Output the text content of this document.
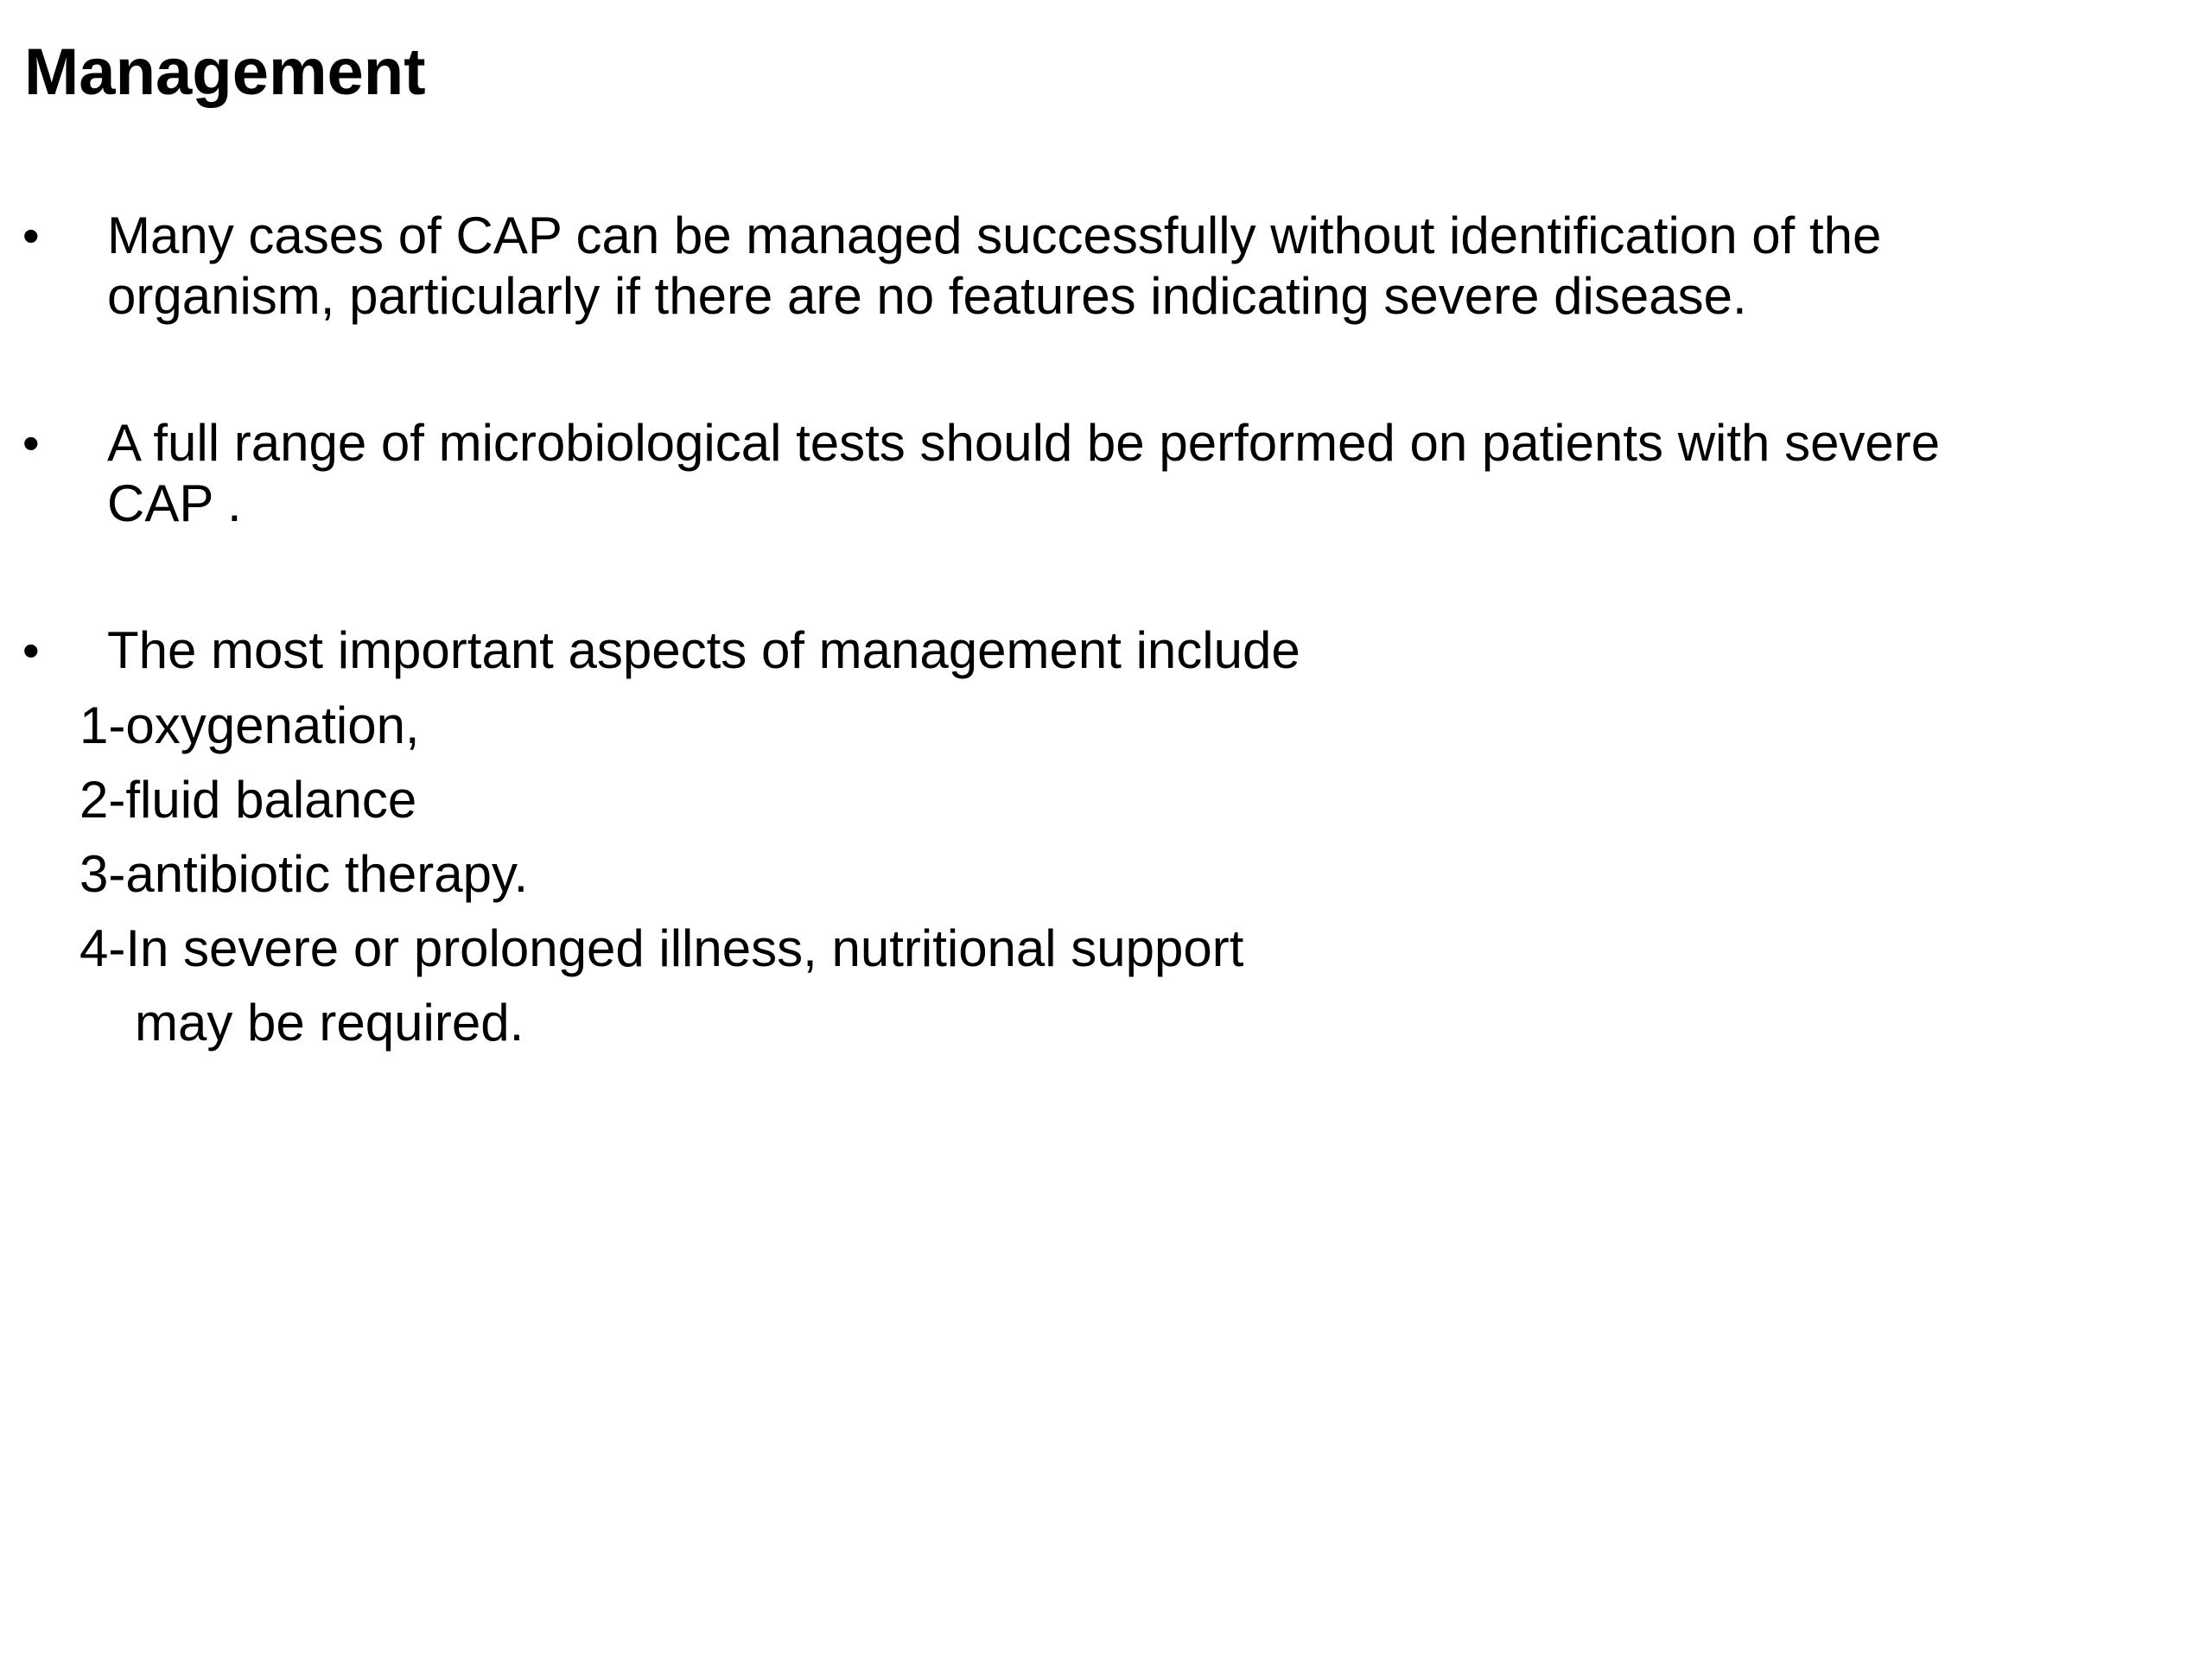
Management
• Many cases of CAP can be managed successfully without identification of the
organism, particularly if there are no features indicating severe disease.
• A full range of microbiological tests should be performed on patients with severe
CAP .
• The most important aspects of management include
1-oxygenation,
2-fluid balance
3-antibiotic therapy.
4-In severe or prolonged illness, nutritional support
may be required.
